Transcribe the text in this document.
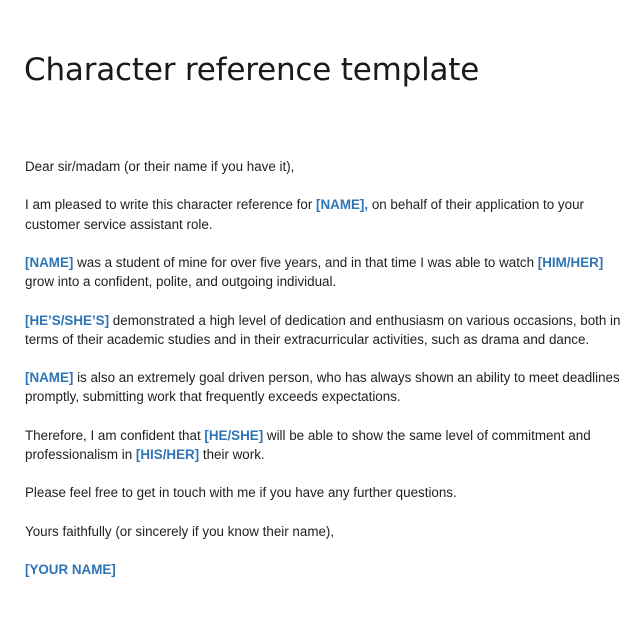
Character reference template

Dear sir/madam (or their name if you have it),

I am pleased to write this character reference for [NAME], on behalf of their application to your customer service assistant role.

[NAME] was a student of mine for over five years, and in that time I was able to watch [HIM/HER] grow into a confident, polite, and outgoing individual.

[HE’S/SHE’S] demonstrated a high level of dedication and enthusiasm on various occasions, both in terms of their academic studies and in their extracurricular activities, such as drama and dance.

[NAME] is also an extremely goal driven person, who has always shown an ability to meet deadlines promptly, submitting work that frequently exceeds expectations.

Therefore, I am confident that [HE/SHE] will be able to show the same level of commitment and professionalism in [HIS/HER] their work.

Please feel free to get in touch with me if you have any further questions.

Yours faithfully (or sincerely if you know their name),

[YOUR NAME]
